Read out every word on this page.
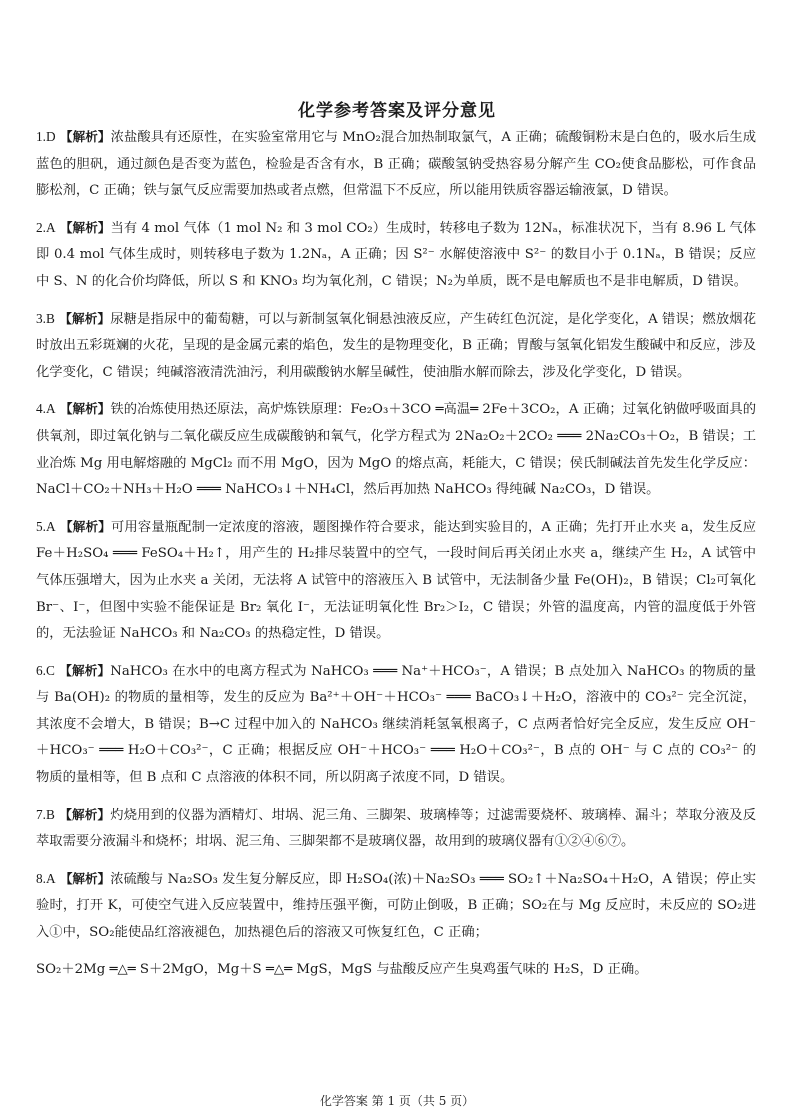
化学参考答案及评分意见

1.D 【解析】浓盐酸具有还原性，在实验室常用它与 MnO₂混合加热制取氯气，A 正确；硫酸铜粉末是白色的，吸水后生成蓝色的胆矾，通过颜色是否变为蓝色，检验是否含有水，B 正确；碳酸氢钠受热容易分解产生 CO₂使食品膨松，可作食品膨松剂，C 正确；铁与氯气反应需要加热或者点燃，但常温下不反应，所以能用铁质容器运输液氯，D 错误。

2.A 【解析】当有 4 mol 气体（1 mol N₂ 和 3 mol CO₂）生成时，转移电子数为 12Nₐ，标准状况下，当有 8.96 L 气体即 0.4 mol 气体生成时，则转移电子数为 1.2Nₐ，A 正确；因 S²⁻ 水解使溶液中 S²⁻ 的数目小于 0.1Nₐ，B 错误；反应中 S、N 的化合价均降低，所以 S 和 KNO₃ 均为氧化剂，C 错误；N₂为单质，既不是电解质也不是非电解质，D 错误。

3.B 【解析】尿糖是指尿中的葡萄糖，可以与新制氢氧化铜悬浊液反应，产生砖红色沉淀，是化学变化，A 错误；燃放烟花时放出五彩斑斓的火花，呈现的是金属元素的焰色，发生的是物理变化，B 正确；胃酸与氢氧化铝发生酸碱中和反应，涉及化学变化，C 错误；纯碱溶液清洗油污，利用碳酸钠水解呈碱性，使油脂水解而除去，涉及化学变化，D 错误。

4.A 【解析】铁的冶炼使用热还原法，高炉炼铁原理：Fe₂O₃＋3CO ═高温═ 2Fe＋3CO₂，A 正确；过氧化钠做呼吸面具的供氧剂，即过氧化钠与二氧化碳反应生成碳酸钠和氧气，化学方程式为 2Na₂O₂＋2CO₂ ═══ 2Na₂CO₃＋O₂，B 错误；工业冶炼 Mg 用电解熔融的 MgCl₂ 而不用 MgO，因为 MgO 的熔点高，耗能大，C 错误；侯氏制碱法首先发生化学反应：NaCl＋CO₂＋NH₃＋H₂O ═══ NaHCO₃↓＋NH₄Cl，然后再加热 NaHCO₃ 得纯碱 Na₂CO₃，D 错误。

5.A 【解析】可用容量瓶配制一定浓度的溶液，题图操作符合要求，能达到实验目的，A 正确；先打开止水夹 a，发生反应 Fe＋H₂SO₄ ═══ FeSO₄＋H₂↑，用产生的 H₂排尽装置中的空气，一段时间后再关闭止水夹 a，继续产生 H₂，A 试管中气体压强增大，因为止水夹 a 关闭，无法将 A 试管中的溶液压入 B 试管中，无法制备少量 Fe(OH)₂，B 错误；Cl₂可氧化 Br⁻、I⁻，但图中实验不能保证是 Br₂ 氧化 I⁻，无法证明氧化性 Br₂＞I₂，C 错误；外管的温度高，内管的温度低于外管的，无法验证 NaHCO₃ 和 Na₂CO₃ 的热稳定性，D 错误。

6.C 【解析】NaHCO₃ 在水中的电离方程式为 NaHCO₃ ═══ Na⁺＋HCO₃⁻，A 错误；B 点处加入 NaHCO₃ 的物质的量与 Ba(OH)₂ 的物质的量相等，发生的反应为 Ba²⁺＋OH⁻＋HCO₃⁻ ═══ BaCO₃↓＋H₂O，溶液中的 CO₃²⁻ 完全沉淀，其浓度不会增大，B 错误；B→C 过程中加入的 NaHCO₃ 继续消耗氢氧根离子，C 点两者恰好完全反应，发生反应 OH⁻＋HCO₃⁻ ═══ H₂O＋CO₃²⁻，C 正确；根据反应 OH⁻＋HCO₃⁻ ═══ H₂O＋CO₃²⁻，B 点的 OH⁻ 与 C 点的 CO₃²⁻ 的物质的量相等，但 B 点和 C 点溶液的体积不同，所以阴离子浓度不同，D 错误。

7.B 【解析】灼烧用到的仪器为酒精灯、坩埚、泥三角、三脚架、玻璃棒等；过滤需要烧杯、玻璃棒、漏斗；萃取分液及反萃取需要分液漏斗和烧杯；坩埚、泥三角、三脚架都不是玻璃仪器，故用到的玻璃仪器有①②④⑥⑦。

8.A 【解析】浓硫酸与 Na₂SO₃ 发生复分解反应，即 H₂SO₄(浓)＋Na₂SO₃ ═══ SO₂↑＋Na₂SO₄＋H₂O，A 错误；停止实验时，打开 K，可使空气进入反应装置中，维持压强平衡，可防止倒吸，B 正确；SO₂在与 Mg 反应时，未反应的 SO₂进入①中，SO₂能使品红溶液褪色，加热褪色后的溶液又可恢复红色，C 正确；

SO₂＋2Mg ═△═ S＋2MgO，Mg＋S ═△═ MgS，MgS 与盐酸反应产生臭鸡蛋气味的 H₂S，D 正确。

化学答案 第 1 页（共 5 页）
